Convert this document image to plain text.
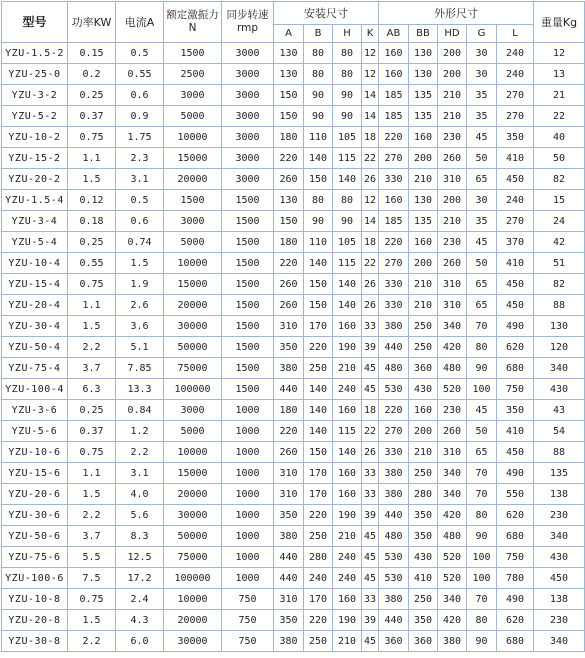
型号	功率KW	电流A	额定激振力N	同步转速rmp	安装尺寸				外形尺寸					重量Kg
					A	B	H	K	AB	BB	HD	G	L	
YZU-1.5-2	0.15	0.5	1500	3000	130	80	80	12	160	130	200	30	240	12
YZU-25-0	0.2	0.55	2500	3000	130	80	80	12	160	130	200	30	240	13
YZU-3-2	0.25	0.6	3000	3000	150	90	90	14	185	135	210	35	270	21
YZU-5-2	0.37	0.9	5000	3000	150	90	90	14	185	135	210	35	270	22
YZU-10-2	0.75	1.75	10000	3000	180	110	105	18	220	160	230	45	350	40
YZU-15-2	1.1	2.3	15000	3000	220	140	115	22	270	200	260	50	410	50
YZU-20-2	1.5	3.1	20000	3000	260	150	140	26	330	210	310	65	450	82
YZU-1.5-4	0.12	0.5	1500	1500	130	80	80	12	160	130	200	30	240	15
YZU-3-4	0.18	0.6	3000	1500	150	90	90	14	185	135	210	35	270	24
YZU-5-4	0.25	0.74	5000	1500	180	110	105	18	220	160	230	45	370	42
YZU-10-4	0.55	1.5	10000	1500	220	140	115	22	270	200	260	50	410	51
YZU-15-4	0.75	1.9	15000	1500	260	150	140	26	330	210	310	65	450	82
YZU-20-4	1.1	2.6	20000	1500	260	150	140	26	330	210	310	65	450	88
YZU-30-4	1.5	3.6	30000	1500	310	170	160	33	380	250	340	70	490	130
YZU-50-4	2.2	5.1	50000	1500	350	220	190	39	440	250	420	80	620	120
YZU-75-4	3.7	7.85	75000	1500	380	250	210	45	480	360	480	90	680	340
YZU-100-4	6.3	13.3	100000	1500	440	140	240	45	530	430	520	100	750	430
YZU-3-6	0.25	0.84	3000	1000	180	140	160	18	220	160	230	45	350	43
YZU-5-6	0.37	1.2	5000	1000	220	140	115	22	270	200	260	50	410	54
YZU-10-6	0.75	2.2	10000	1000	260	150	140	26	330	210	310	65	450	88
YZU-15-6	1.1	3.1	15000	1000	310	170	160	33	380	250	340	70	490	135
YZU-20-6	1.5	4.0	20000	1000	310	170	160	33	380	280	340	70	550	138
YZU-30-6	2.2	5.6	30000	1000	350	220	190	39	440	350	420	80	620	230
YZU-50-6	3.7	8.3	50000	1000	380	250	210	45	480	350	480	90	680	340
YZU-75-6	5.5	12.5	75000	1000	440	280	240	45	530	430	520	100	750	430
YZU-100-6	7.5	17.2	100000	1000	440	240	240	45	530	410	520	100	780	450
YZU-10-8	0.75	2.4	10000	750	310	170	160	33	380	250	340	70	490	138
YZU-20-8	1.5	4.3	20000	750	350	220	190	39	440	350	420	80	620	230
YZU-30-8	2.2	6.0	30000	750	380	250	210	45	360	360	380	90	680	340
